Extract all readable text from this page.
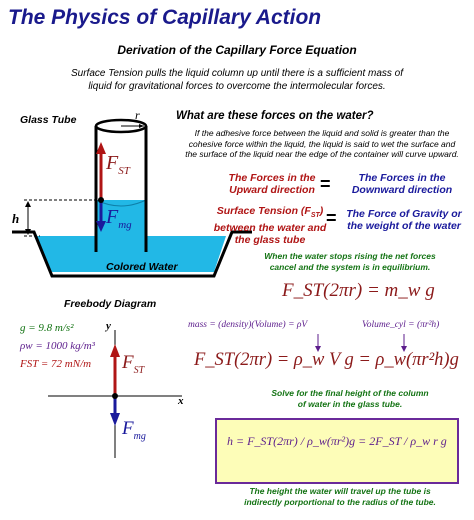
The Physics of Capillary Action
Derivation of the Capillary Force Equation
Surface Tension pulls the liquid column up until there is a sufficient mass of
liquid for gravitational forces to overcome the intermolecular forces.
Glass Tube	r
h
$F_{ST}$
$F_{mg}$
Colored Water
What are these forces on the water?
If the adhesive force between the liquid and solid is greater than the
cohesive force within the liquid, the liquid is said to wet the surface and
the surface of the liquid near the edge of the container will curve upward.
The Forces in the
Upward direction =	The Forces in the
Downward direction
Surface Tension $(F_{ST})$
between the water and
the glass tube
= The Force of Gravity or
the weight of the water
When the water stops rising the net forces
cancel and the system is in equilibrium.
F_ST(2πr) = m_w g
Freebody Diagram
y
x
$F_{ST}$
$F_{mg}$
g = 9.8 m/s²
ρw = 1000 kg/m³
FST = 72 mN/m
mass = (density)(Volume) = ρV	Volume_cyl = (πr²h)
F_ST(2πr) = ρ_w V g = ρ_w(πr²h)g
Solve for the final height of the column
of water in the glass tube.
h = F_ST(2πr) / ρ_w(πr²)g = 2F_ST / ρ_w r g
The height the water will travel up the tube is
indirectly porportional to the radius of the tube.
